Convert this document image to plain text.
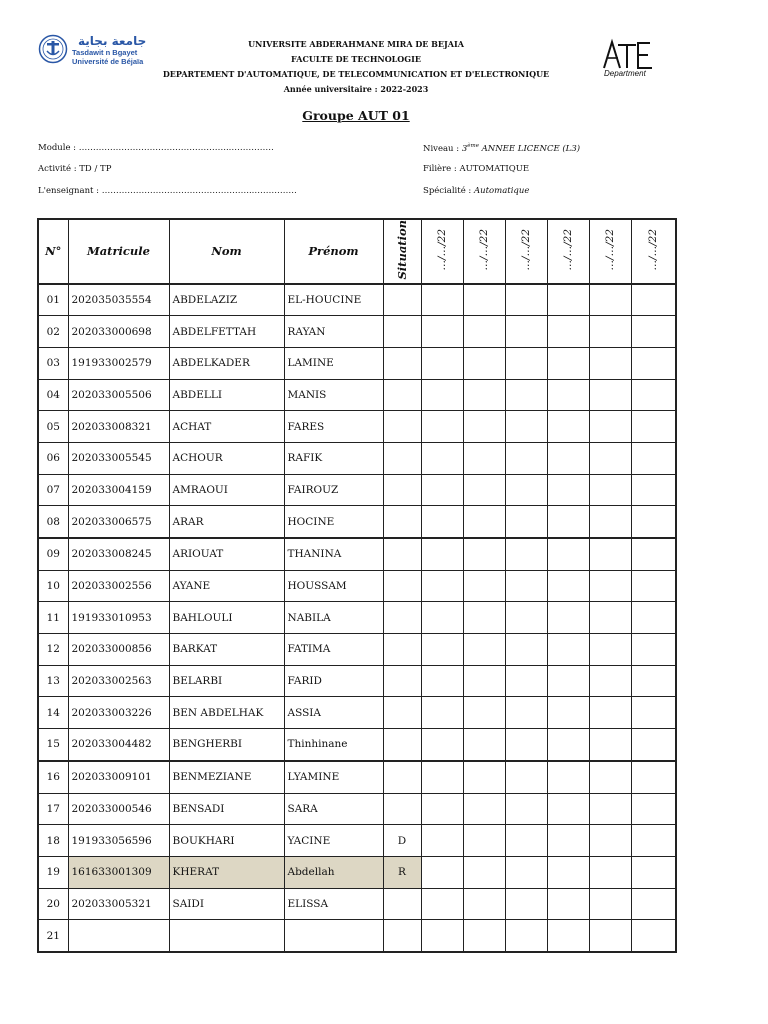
جامعة بجاية
Tasdawit n Bgayet
Université de Béjaïa
Department
UNIVERSITE ABDERAHMANE MIRA DE BEJAIA
FACULTE DE TECHNOLOGIE
DEPARTEMENT D'AUTOMATIQUE, DE TELECOMMUNICATION ET D'ELECTRONIQUE
Année universitaire : 2022-2023
Groupe AUT 01
Module : ……………………………………………...……………
Activité : TD / TP
L'enseignant : ……………………………………………...……………
Niveau : 3ème ANNEE LICENCE (L3)
Filière : AUTOMATIQUE
Spécialité : Automatique
N°	Matricule	Nom	Prénom	Situation	…/…/22	…/…/22	…/…/22	…/…/22	…/…/22	…/…/22
01	202035035554	ABDELAZIZ	EL-HOUCINE							
02	202033000698	ABDELFETTAH	RAYAN							
03	191933002579	ABDELKADER	LAMINE							
04	202033005506	ABDELLI	MANIS							
05	202033008321	ACHAT	FARES							
06	202033005545	ACHOUR	RAFIK							
07	202033004159	AMRAOUI	FAIROUZ							
08	202033006575	ARAR	HOCINE							
09	202033008245	ARIOUAT	THANINA							
10	202033002556	AYANE	HOUSSAM							
11	191933010953	BAHLOULI	NABILA							
12	202033000856	BARKAT	FATIMA							
13	202033002563	BELARBI	FARID							
14	202033003226	BEN ABDELHAK	ASSIA							
15	202033004482	BENGHERBI	Thinhinane							
16	202033009101	BENMEZIANE	LYAMINE							
17	202033000546	BENSADI	SARA							
18	191933056596	BOUKHARI	YACINE	D						
19	161633001309	KHERAT	Abdellah	R						
20	202033005321	SAIDI	ELISSA							
21										
